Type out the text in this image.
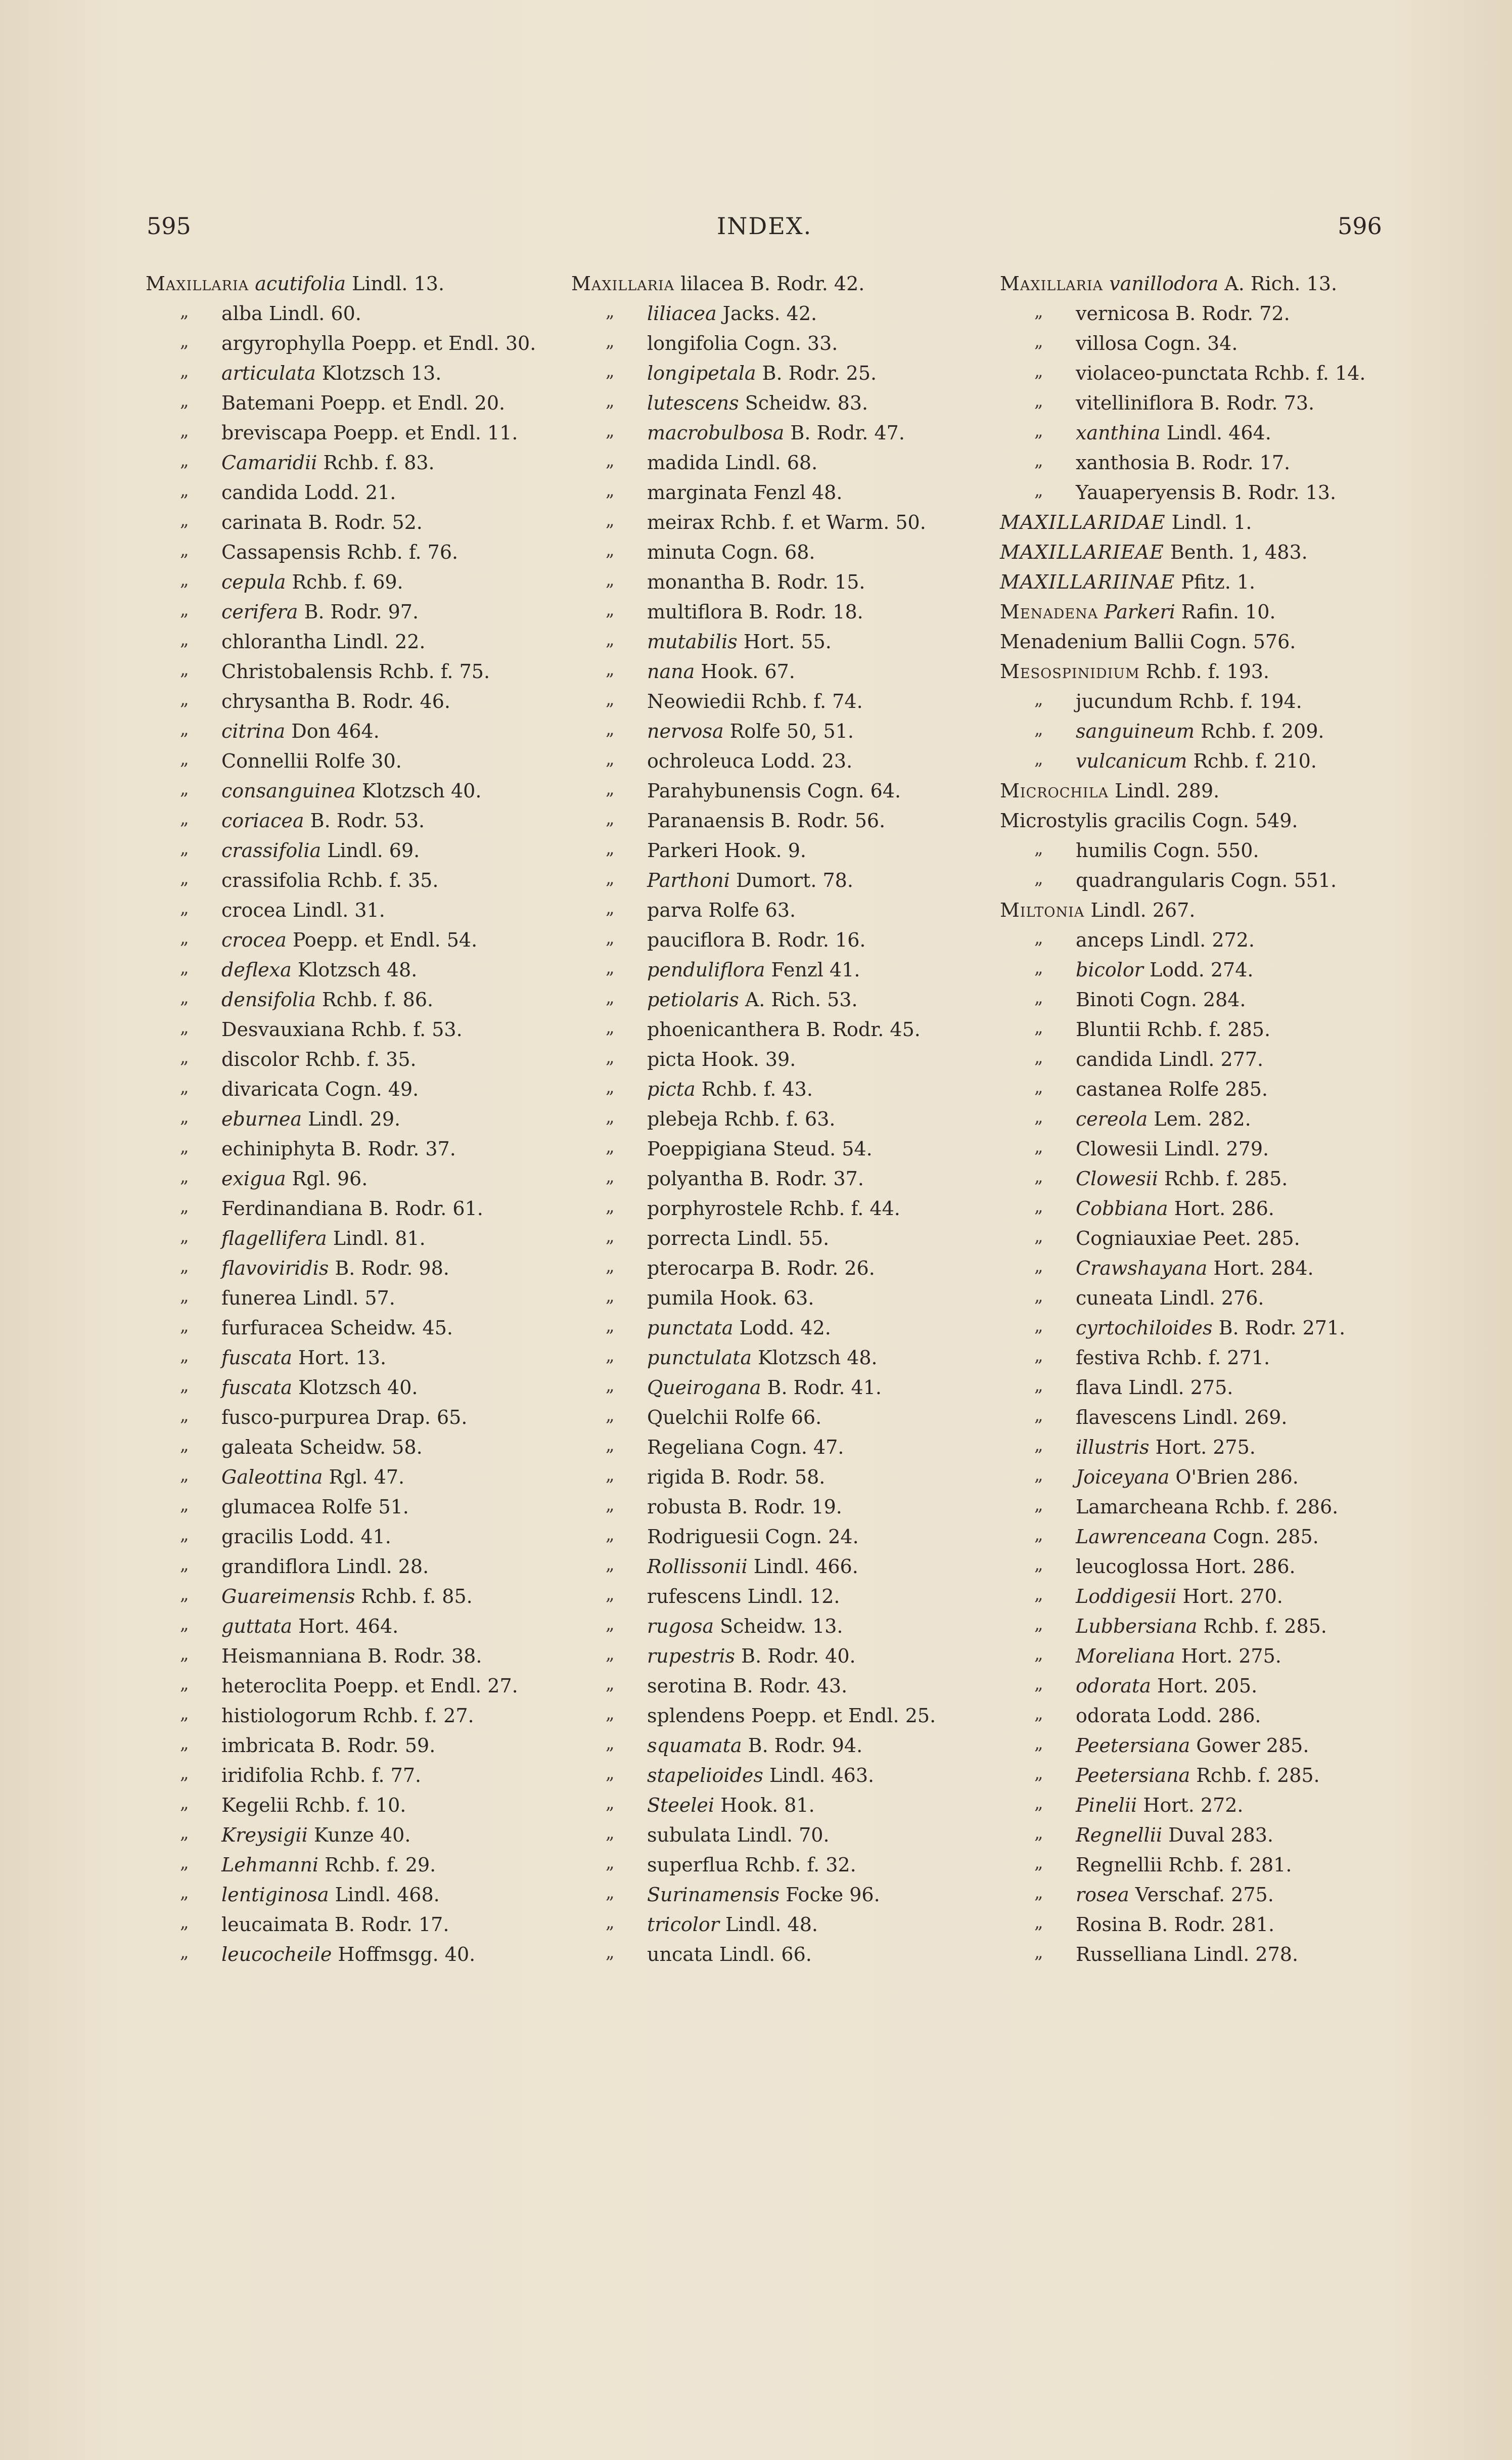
595	INDEX.	596
Maxillaria acutifolia Lindl. 13.
„ alba Lindl. 60.
„ argyrophylla Poepp. et Endl. 30.
„ articulata Klotzsch 13.
„ Batemani Poepp. et Endl. 20.
„ breviscapa Poepp. et Endl. 11.
„ Camaridii Rchb. f. 83.
„ candida Lodd. 21.
„ carinata B. Rodr. 52.
„ Cassapensis Rchb. f. 76.
„ cepula Rchb. f. 69.
„ cerifera B. Rodr. 97.
„ chlorantha Lindl. 22.
„ Christobalensis Rchb. f. 75.
„ chrysantha B. Rodr. 46.
„ citrina Don 464.
„ Connellii Rolfe 30.
„ consanguinea Klotzsch 40.
„ coriacea B. Rodr. 53.
„ crassifolia Lindl. 69.
„ crassifolia Rchb. f. 35.
„ crocea Lindl. 31.
„ crocea Poepp. et Endl. 54.
„ deflexa Klotzsch 48.
„ densifolia Rchb. f. 86.
„ Desvauxiana Rchb. f. 53.
„ discolor Rchb. f. 35.
„ divaricata Cogn. 49.
„ eburnea Lindl. 29.
„ echiniphyta B. Rodr. 37.
„ exigua Rgl. 96.
„ Ferdinandiana B. Rodr. 61.
„ flagellifera Lindl. 81.
„ flavoviridis B. Rodr. 98.
„ funerea Lindl. 57.
„ furfuracea Scheidw. 45.
„ fuscata Hort. 13.
„ fuscata Klotzsch 40.
„ fusco-purpurea Drap. 65.
„ galeata Scheidw. 58.
„ Galeottina Rgl. 47.
„ glumacea Rolfe 51.
„ gracilis Lodd. 41.
„ grandiflora Lindl. 28.
„ Guareimensis Rchb. f. 85.
„ guttata Hort. 464.
„ Heismanniana B. Rodr. 38.
„ heteroclita Poepp. et Endl. 27.
„ histiologorum Rchb. f. 27.
„ imbricata B. Rodr. 59.
„ iridifolia Rchb. f. 77.
„ Kegelii Rchb. f. 10.
„ Kreysigii Kunze 40.
„ Lehmanni Rchb. f. 29.
„ lentiginosa Lindl. 468.
„ leucaimata B. Rodr. 17.
„ leucocheile Hoffmsgg. 40.
Maxillaria lilacea B. Rodr. 42.
„ liliacea Jacks. 42.
„ longifolia Cogn. 33.
„ longipetala B. Rodr. 25.
„ lutescens Scheidw. 83.
„ macrobulbosa B. Rodr. 47.
„ madida Lindl. 68.
„ marginata Fenzl 48.
„ meirax Rchb. f. et Warm. 50.
„ minuta Cogn. 68.
„ monantha B. Rodr. 15.
„ multiflora B. Rodr. 18.
„ mutabilis Hort. 55.
„ nana Hook. 67.
„ Neowiedii Rchb. f. 74.
„ nervosa Rolfe 50, 51.
„ ochroleuca Lodd. 23.
„ Parahybunensis Cogn. 64.
„ Paranaensis B. Rodr. 56.
„ Parkeri Hook. 9.
„ Parthoni Dumort. 78.
„ parva Rolfe 63.
„ pauciflora B. Rodr. 16.
„ penduliflora Fenzl 41.
„ petiolaris A. Rich. 53.
„ phoenicanthera B. Rodr. 45.
„ picta Hook. 39.
„ picta Rchb. f. 43.
„ plebeja Rchb. f. 63.
„ Poeppigiana Steud. 54.
„ polyantha B. Rodr. 37.
„ porphyrostele Rchb. f. 44.
„ porrecta Lindl. 55.
„ pterocarpa B. Rodr. 26.
„ pumila Hook. 63.
„ punctata Lodd. 42.
„ punctulata Klotzsch 48.
„ Queirogana B. Rodr. 41.
„ Quelchii Rolfe 66.
„ Regeliana Cogn. 47.
„ rigida B. Rodr. 58.
„ robusta B. Rodr. 19.
„ Rodriguesii Cogn. 24.
„ Rollissonii Lindl. 466.
„ rufescens Lindl. 12.
„ rugosa Scheidw. 13.
„ rupestris B. Rodr. 40.
„ serotina B. Rodr. 43.
„ splendens Poepp. et Endl. 25.
„ squamata B. Rodr. 94.
„ stapelioides Lindl. 463.
„ Steelei Hook. 81.
„ subulata Lindl. 70.
„ superflua Rchb. f. 32.
„ Surinamensis Focke 96.
„ tricolor Lindl. 48.
„ uncata Lindl. 66.
Maxillaria vanillodora A. Rich. 13.
„ vernicosa B. Rodr. 72.
„ villosa Cogn. 34.
„ violaceo-punctata Rchb. f. 14.
„ vitelliniflora B. Rodr. 73.
„ xanthina Lindl. 464.
„ xanthosia B. Rodr. 17.
„ Yauaperyensis B. Rodr. 13.
MAXILLARIDAE Lindl. 1.
MAXILLARIEAE Benth. 1, 483.
MAXILLARIINAE Pfitz. 1.
Menadena Parkeri Rafin. 10.
Menadenium Ballii Cogn. 576.
Mesospinidium Rchb. f. 193.
„ jucundum Rchb. f. 194.
„ sanguineum Rchb. f. 209.
„ vulcanicum Rchb. f. 210.
Microchila Lindl. 289.
Microstylis gracilis Cogn. 549.
„ humilis Cogn. 550.
„ quadrangularis Cogn. 551.
Miltonia Lindl. 267.
„ anceps Lindl. 272.
„ bicolor Lodd. 274.
„ Binoti Cogn. 284.
„ Bluntii Rchb. f. 285.
„ candida Lindl. 277.
„ castanea Rolfe 285.
„ cereola Lem. 282.
„ Clowesii Lindl. 279.
„ Clowesii Rchb. f. 285.
„ Cobbiana Hort. 286.
„ Cogniauxiae Peet. 285.
„ Crawshayana Hort. 284.
„ cuneata Lindl. 276.
„ cyrtochiloides B. Rodr. 271.
„ festiva Rchb. f. 271.
„ flava Lindl. 275.
„ flavescens Lindl. 269.
„ illustris Hort. 275.
„ Joiceyana O'Brien 286.
„ Lamarcheana Rchb. f. 286.
„ Lawrenceana Cogn. 285.
„ leucoglossa Hort. 286.
„ Loddigesii Hort. 270.
„ Lubbersiana Rchb. f. 285.
„ Moreliana Hort. 275.
„ odorata Hort. 205.
„ odorata Lodd. 286.
„ Peetersiana Gower 285.
„ Peetersiana Rchb. f. 285.
„ Pinelii Hort. 272.
„ Regnellii Duval 283.
„ Regnellii Rchb. f. 281.
„ rosea Verschaf. 275.
„ Rosina B. Rodr. 281.
„ Russelliana Lindl. 278.
